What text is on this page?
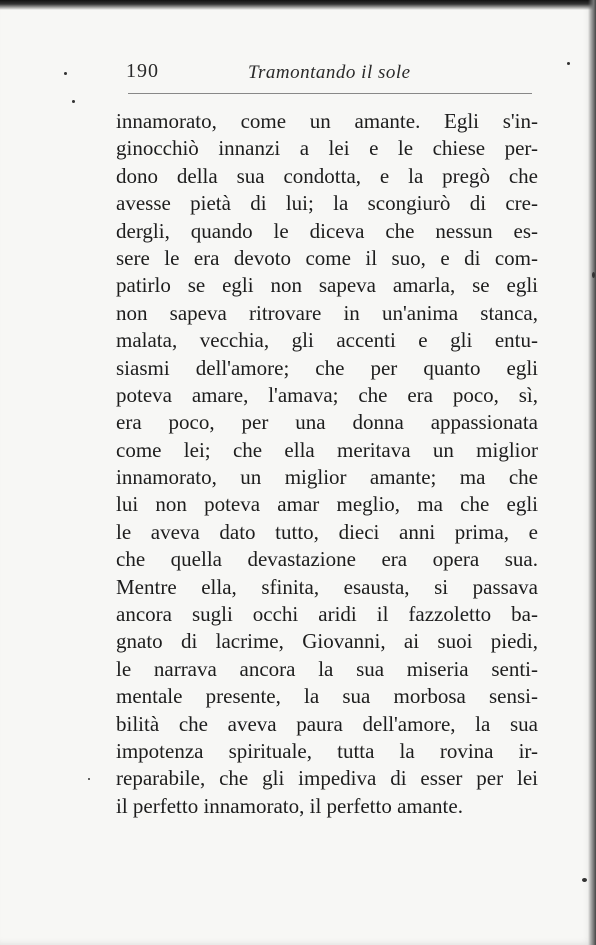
190	Tramontando il sole
innamorato, come un amante. Egli s'in-
ginocchiò innanzi a lei e le chiese per-
dono della sua condotta, e la pregò che
avesse pietà di lui; la scongiurò di cre-
dergli, quando le diceva che nessun es-
sere le era devoto come il suo, e di com-
patirlo se egli non sapeva amarla, se egli
non sapeva ritrovare in un'anima stanca,
malata, vecchia, gli accenti e gli entu-
siasmi dell'amore; che per quanto egli
poteva amare, l'amava; che era poco, sì,
era poco, per una donna appassionata
come lei; che ella meritava un miglior
innamorato, un miglior amante; ma che
lui non poteva amar meglio, ma che egli
le aveva dato tutto, dieci anni prima, e
che quella devastazione era opera sua.
Mentre ella, sfinita, esausta, si passava
ancora sugli occhi aridi il fazzoletto ba-
gnato di lacrime, Giovanni, ai suoi piedi,
le narrava ancora la sua miseria senti-
mentale presente, la sua morbosa sensi-
bilità che aveva paura dell'amore, la sua
impotenza spirituale, tutta la rovina ir-
reparabile, che gli impediva di esser per lei
il perfetto innamorato, il perfetto amante.
